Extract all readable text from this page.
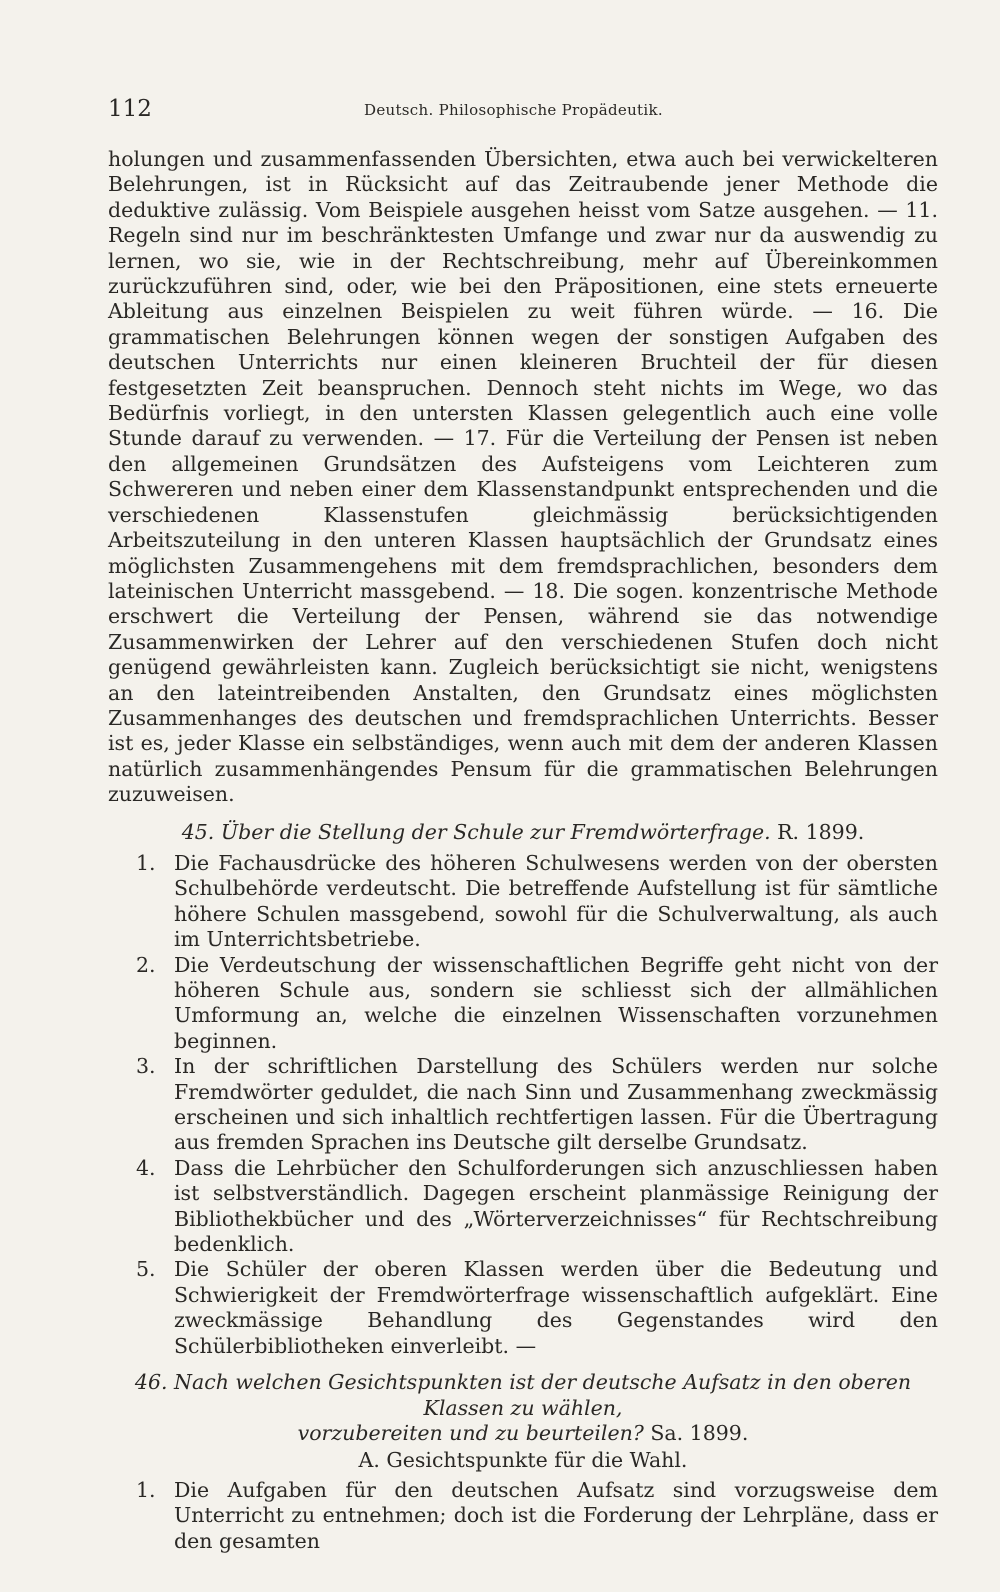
112	Deutsch. Philosophische Propädeutik.

holungen und zusammenfassenden Übersichten, etwa auch bei verwickelteren Belehrungen, ist in Rücksicht auf das Zeitraubende jener Methode die deduktive zulässig. Vom Beispiele ausgehen heisst vom Satze ausgehen. — 11. Regeln sind nur im beschränktesten Umfange und zwar nur da auswendig zu lernen, wo sie, wie in der Rechtschreibung, mehr auf Übereinkommen zurückzuführen sind, oder, wie bei den Präpositionen, eine stets erneuerte Ableitung aus einzelnen Beispielen zu weit führen würde. — 16. Die grammatischen Belehrungen können wegen der sonstigen Aufgaben des deutschen Unterrichts nur einen kleineren Bruchteil der für diesen festgesetzten Zeit beanspruchen. Dennoch steht nichts im Wege, wo das Bedürfnis vorliegt, in den untersten Klassen gelegentlich auch eine volle Stunde darauf zu verwenden. — 17. Für die Verteilung der Pensen ist neben den allgemeinen Grundsätzen des Aufsteigens vom Leichteren zum Schwereren und neben einer dem Klassenstandpunkt entsprechenden und die verschiedenen Klassenstufen gleichmässig berücksichtigenden Arbeitszuteilung in den unteren Klassen hauptsächlich der Grundsatz eines möglichsten Zusammengehens mit dem fremdsprachlichen, besonders dem lateinischen Unterricht massgebend. — 18. Die sogen. konzentrische Methode erschwert die Verteilung der Pensen, während sie das notwendige Zusammenwirken der Lehrer auf den verschiedenen Stufen doch nicht genügend gewährleisten kann. Zugleich berücksichtigt sie nicht, wenigstens an den lateintreibenden Anstalten, den Grundsatz eines möglichsten Zusammenhanges des deutschen und fremdsprachlichen Unterrichts. Besser ist es, jeder Klasse ein selbständiges, wenn auch mit dem der anderen Klassen natürlich zusammenhängendes Pensum für die grammatischen Belehrungen zuzuweisen.

45. Über die Stellung der Schule zur Fremdwörterfrage. R. 1899.
1. Die Fachausdrücke des höheren Schulwesens werden von der obersten Schulbehörde verdeutscht. Die betreffende Aufstellung ist für sämtliche höhere Schulen massgebend, sowohl für die Schulverwaltung, als auch im Unterrichtsbetriebe.
2. Die Verdeutschung der wissenschaftlichen Begriffe geht nicht von der höheren Schule aus, sondern sie schliesst sich der allmählichen Umformung an, welche die einzelnen Wissenschaften vorzunehmen beginnen.
3. In der schriftlichen Darstellung des Schülers werden nur solche Fremdwörter geduldet, die nach Sinn und Zusammenhang zweckmässig erscheinen und sich inhaltlich rechtfertigen lassen. Für die Übertragung aus fremden Sprachen ins Deutsche gilt derselbe Grundsatz.
4. Dass die Lehrbücher den Schulforderungen sich anzuschliessen haben ist selbstverständlich. Dagegen erscheint planmässige Reinigung der Bibliothekbücher und des „Wörterverzeichnisses“ für Rechtschreibung bedenklich.
5. Die Schüler der oberen Klassen werden über die Bedeutung und Schwierigkeit der Fremdwörterfrage wissenschaftlich aufgeklärt. Eine zweckmässige Behandlung des Gegenstandes wird den Schülerbibliotheken einverleibt. —
46. Nach welchen Gesichtspunkten ist der deutsche Aufsatz in den oberen Klassen zu wählen,
vorzubereiten und zu beurteilen? Sa. 1899.
A. Gesichtspunkte für die Wahl.
1. Die Aufgaben für den deutschen Aufsatz sind vorzugsweise dem Unterricht zu entnehmen; doch ist die Forderung der Lehrpläne, dass er den gesamten
